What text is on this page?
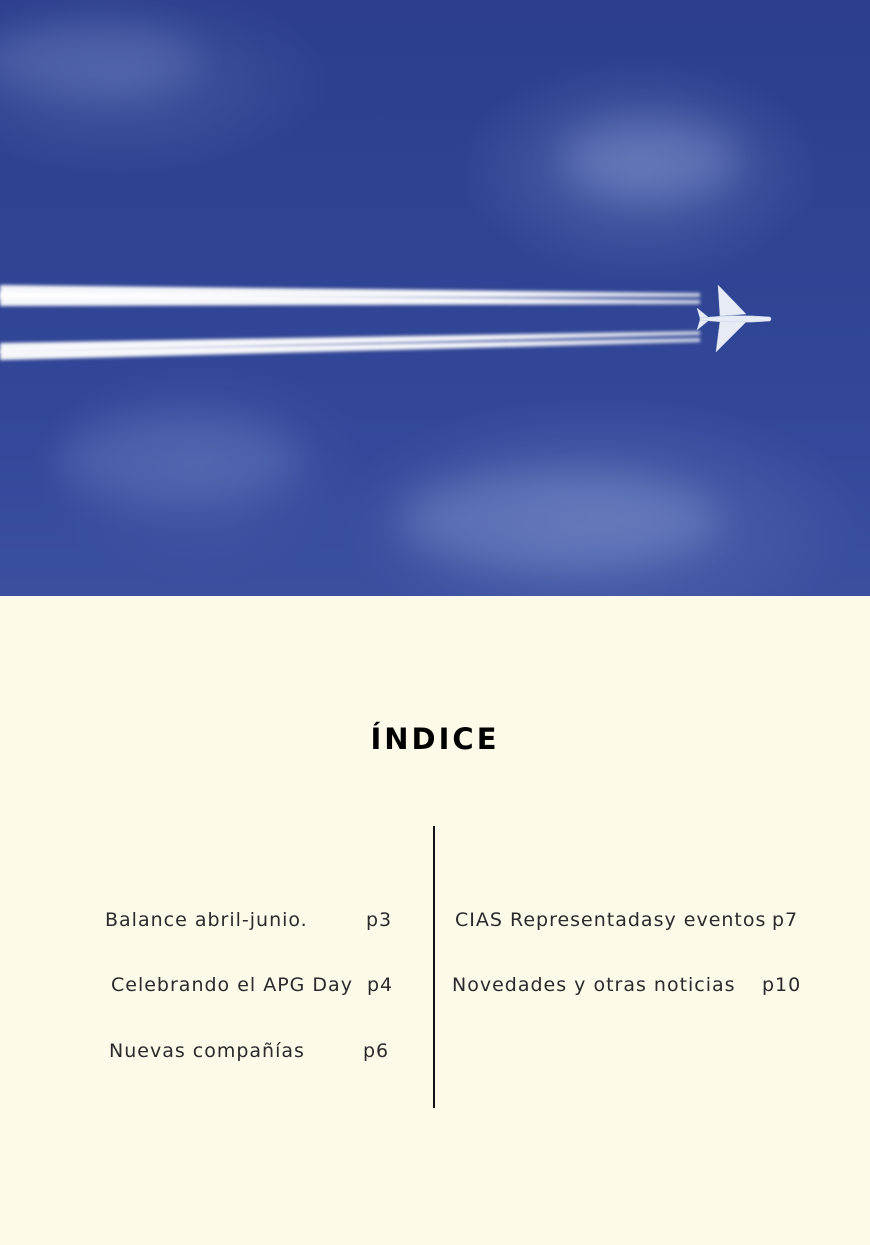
ÍNDICE
Balance abril-junio.	p3
Celebrando el APG Day p4
Nuevas compañías	p6
CIAS Representadasy eventos p7
Novedades y otras noticias p10
